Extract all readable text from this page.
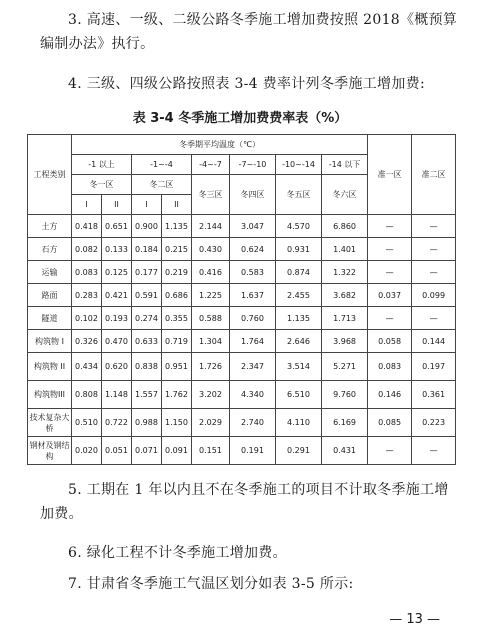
3. 高速、一级、二级公路冬季施工增加费按照 2018《概预算编制办法》执行。
4. 三级、四级公路按照表 3-4 费率计列冬季施工增加费:
表 3-4 冬季施工增加费费率表（%）
工程类别	冬季期平均温度（℃）								准一区	准二区
	-1 以上		-1~-4		-4~-7	-7~-10	-10~-14	-14 以下		
	冬一区		冬二区		冬三区	冬四区	冬五区	冬六区		
	I	II	I	II						
土方	0.418	0.651	0.900	1.135	2.144	3.047	4.570	6.860	—	—
石方	0.082	0.133	0.184	0.215	0.430	0.624	0.931	1.401	—	—
运输	0.083	0.125	0.177	0.219	0.416	0.583	0.874	1.322	—	—
路面	0.283	0.421	0.591	0.686	1.225	1.637	2.455	3.682	0.037	0.099
隧道	0.102	0.193	0.274	0.355	0.588	0.760	1.135	1.713	—	—
构筑物 I	0.326	0.470	0.633	0.719	1.304	1.764	2.646	3.968	0.058	0.144
构筑物 II	0.434	0.620	0.838	0.951	1.726	2.347	3.514	5.271	0.083	0.197
构筑物III	0.808	1.148	1.557	1.762	3.202	4.340	6.510	9.760	0.146	0.361
技术复杂大桥	0.510	0.722	0.988	1.150	2.029	2.740	4.110	6.169	0.085	0.223
钢材及钢结构	0.020	0.051	0.071	0.091	0.151	0.191	0.291	0.431	—	—
5. 工期在 1 年以内且不在冬季施工的项目不计取冬季施工增加费。
6. 绿化工程不计冬季施工增加费。
7. 甘肃省冬季施工气温区划分如表 3-5 所示:
— 13 —
